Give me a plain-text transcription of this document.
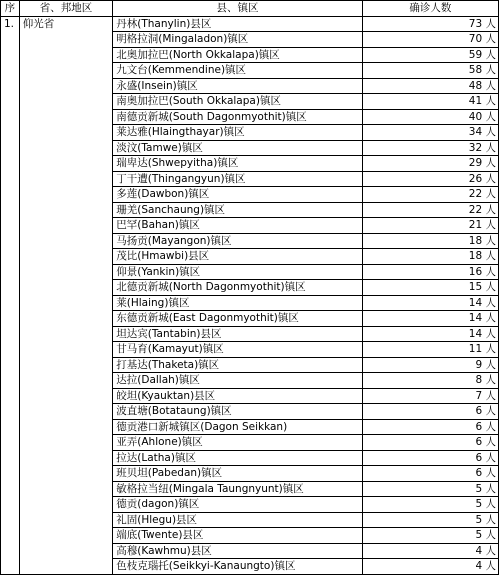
序	省、邦地区	县、镇区	确诊人数
1.	仰光省	丹林(Thanylin)县区	73 人
		明格拉洞(Mingaladon)镇区	70 人
		北奥加拉巴(North Okkalapa)镇区	59 人
		九文台(Kemmendine)镇区	58 人
		永盛(Insein)镇区	48 人
		南奥加拉巴(South Okkalapa)镇区	41 人
		南德贡新城(South Dagonmyothit)镇区	40 人
		莱达雅(Hlaingthayar)镇区	34 人
		淡汶(Tamwe)镇区	32 人
		瑞卑达(Shwepyitha)镇区	29 人
		丁干遭(Thingangyun)镇区	26 人
		多莲(Dawbon)镇区	22 人
		珊羌(Sanchaung)镇区	22 人
		巴罕(Bahan)镇区	21 人
		马扬贡(Mayangon)镇区	18 人
		茂比(Hmawbi)县区	18 人
		仰景(Yankin)镇区	16 人
		北德贡新城(North Dagonmyothit)镇区	15 人
		莱(Hlaing)镇区	14 人
		东德贡新城(East Dagonmyothit)镇区	14 人
		坦达宾(Tantabin)县区	14 人
		甘马育(Kamayut)镇区	11 人
		打基达(Thaketa)镇区	9 人
		达拉(Dallah)镇区	8 人
		皎坦(Kyauktan)县区	7 人
		波直塘(Botataung)镇区	6 人
		德贡港口新城镇区(Dagon Seikkan)	6 人
		亚弄(Ahlone)镇区	6 人
		拉达(Latha)镇区	6 人
		班贝坦(Pabedan)镇区	6 人
		敏格拉当纽(Mingala Taungnyunt)镇区	5 人
		德贡(dagon)镇区	5 人
		礼固(Hlegu)县区	5 人
		端底(Twente)县区	5 人
		高穆(Kawhmu)县区	4 人
		色枝克瑙托(Seikkyi-Kanaungto)镇区	4 人
